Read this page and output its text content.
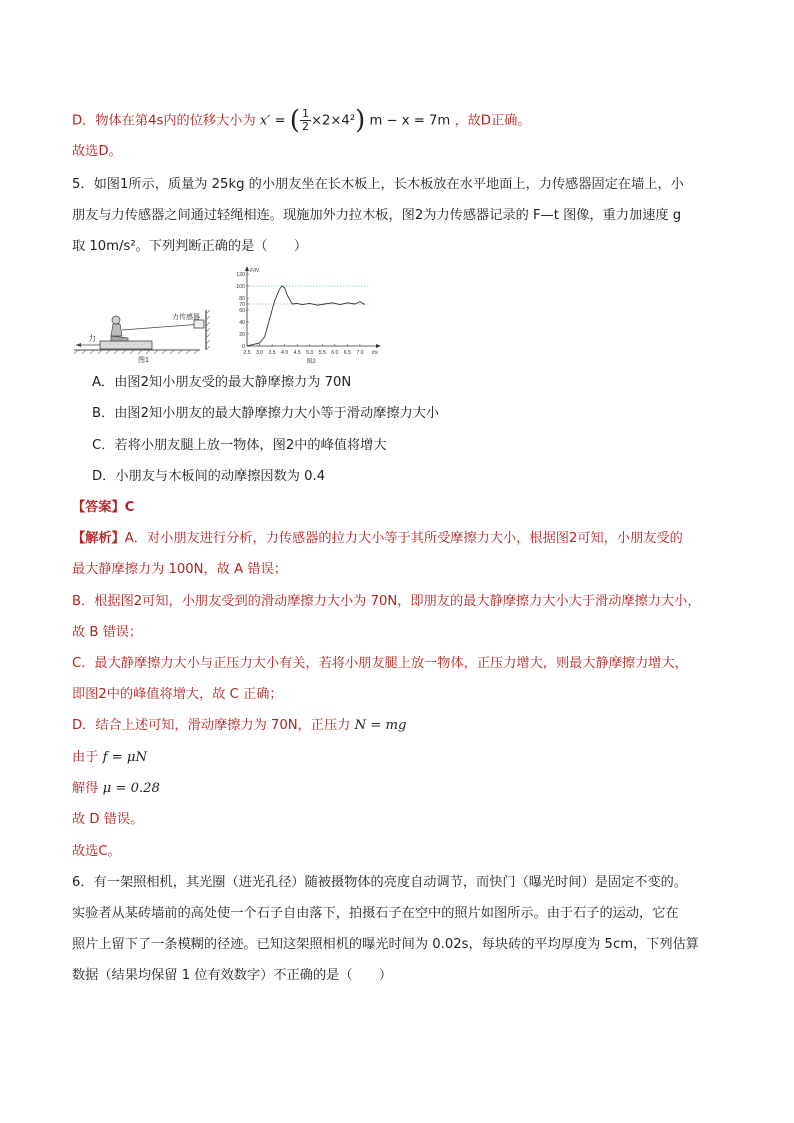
D．物体在第4s内的位移大小为 x′ = ( $\frac{1}{2} \times 2\times 4^2$) m − x = 7m ，故D正确。
故选D。
5．如图1所示，质量为 25kg 的小朋友坐在长木板上，长木板放在水平地面上，力传感器固定在墙上，小
朋友与力传感器之间通过轻绳相连。现施加外力拉木板，图2为力传感器记录的 F—t 图像，重力加速度 g
取 10m/s²。下列判断正确的是（　　）
力
力传感器
图1
0
20
40
60
70
80
100
120
2.5 3.0 3.5 4.0 4.5 5.0 5.5 6.0 6.5 7.0
F/N
t/s
图2
A．由图2知小朋友受的最大静摩擦力为 70N
B．由图2知小朋友的最大静摩擦力大小等于滑动摩擦力大小
C．若将小朋友腿上放一物体，图2中的峰值将增大
D．小朋友与木板间的动摩擦因数为 0.4
【答案】C
【解析】A．对小朋友进行分析，力传感器的拉力大小等于其所受摩擦力大小，根据图2可知，小朋友受的
最大静摩擦力为 100N，故 A 错误；
B．根据图2可知，小朋友受到的滑动摩擦力大小为 70N，即朋友的最大静摩擦力大小大于滑动摩擦力大小，
故 B 错误；
C．最大静摩擦力大小与正压力大小有关，若将小朋友腿上放一物体，正压力增大，则最大静摩擦力增大，
即图2中的峰值将增大，故 C 正确；
D．结合上述可知，滑动摩擦力为 70N，正压力 N = mg
由于 f = μN
解得 μ = 0.28
故 D 错误。
故选C。
6．有一架照相机，其光圈（进光孔径）随被摄物体的亮度自动调节，而快门（曝光时间）是固定不变的。
实验者从某砖墙前的高处使一个石子自由落下，拍摄石子在空中的照片如图所示。由于石子的运动，它在
照片上留下了一条模糊的径迹。已知这架照相机的曝光时间为 0.02s，每块砖的平均厚度为 5cm，下列估算
数据（结果均保留 1 位有效数字）不正确的是（　　）
